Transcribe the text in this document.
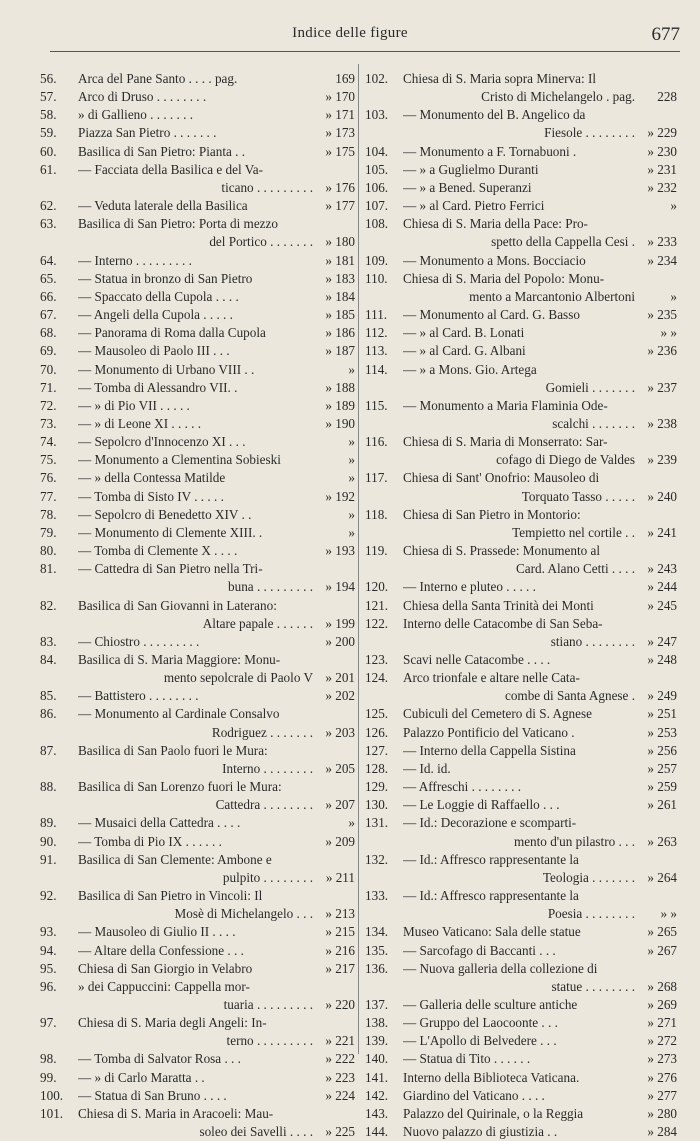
Indice delle figure	677
56.	Arca del Pane Santo . . . . pag.	169
57.	Arco di Druso . . . . . . . .	» 170
58.	» di Gallieno . . . . . . .	» 171
59.	Piazza San Pietro . . . . . . .	» 173
60.	Basilica di San Pietro: Pianta . .	» 175
61.	— Facciata della Basilica e del Va-
ticano . . . . . . . . . » 176
62.	— Veduta laterale della Basilica	» 177
63.	Basilica di San Pietro: Porta di mezzo
del Portico . . . . . . . » 180
64.	— Interno . . . . . . . . .	» 181
65.	— Statua in bronzo di San Pietro	» 183
66.	— Spaccato della Cupola . . . .	» 184
67.	— Angeli della Cupola . . . . .	» 185
68.	— Panorama di Roma dalla Cupola	» 186
69.	— Mausoleo di Paolo III . . .	» 187
70.	— Monumento di Urbano VIII . .	»
71.	— Tomba di Alessandro VII. .	» 188
72.	— » di Pio VII . . . . .	» 189
73.	— » di Leone XI . . . . .	» 190
74.	— Sepolcro d'Innocenzo XI . . .	»
75.	— Monumento a Clementina Sobieski	»
76.	— » della Contessa Matilde	»
77.	— Tomba di Sisto IV . . . . .	» 192
78.	— Sepolcro di Benedetto XIV . .	»
79.	— Monumento di Clemente XIII. .	»
80.	— Tomba di Clemente X . . . .	» 193
81.	— Cattedra di San Pietro nella Tri-
buna . . . . . . . . . » 194
82.	Basilica di San Giovanni in Laterano:
Altare papale . . . . . . » 199
83.	— Chiostro . . . . . . . . .	» 200
84.	Basilica di S. Maria Maggiore: Monu-
mento sepolcrale di Paolo V » 201
85.	— Battistero . . . . . . . .	» 202
86.	— Monumento al Cardinale Consalvo
Rodriguez . . . . . . . » 203
87.	Basilica di San Paolo fuori le Mura:
Interno . . . . . . . . » 205
88.	Basilica di San Lorenzo fuori le Mura:
Cattedra . . . . . . . . » 207
89.	— Musaici della Cattedra . . . .	»
90.	— Tomba di Pio IX . . . . . .	» 209
91.	Basilica di San Clemente: Ambone e
pulpito . . . . . . . . » 211
92.	Basilica di San Pietro in Vincoli: Il
Mosè di Michelangelo . . . » 213
93.	— Mausoleo di Giulio II . . . .	» 215
94.	— Altare della Confessione . . .	» 216
95.	Chiesa di San Giorgio in Velabro	» 217
96.	» dei Cappuccini: Cappella mor-
tuaria . . . . . . . . . » 220
97.	Chiesa di S. Maria degli Angeli: In-
terno . . . . . . . . . » 221
98.	— Tomba di Salvator Rosa . . .	» 222
99.	— » di Carlo Maratta . .	» 223
100.	— Statua di San Bruno . . . .	» 224
101.	Chiesa di S. Maria in Aracoeli: Mau-
soleo dei Savelli . . . . » 225
102.	Chiesa di S. Maria sopra Minerva: Il
Cristo di Michelangelo . pag.	228
103.	— Monumento del B. Angelico da
Fiesole . . . . . . . . » 229
104.	— Monumento a F. Tornabuoni .	» 230
105.	— » a Guglielmo Duranti	» 231
106.	— » a Bened. Superanzi	» 232
107.	— » al Card. Pietro Ferrici	»
108.	Chiesa di S. Maria della Pace: Pro-
spetto della Cappella Cesi . » 233
109.	— Monumento a Mons. Bocciacio	» 234
110.	Chiesa di S. Maria del Popolo: Monu-
mento a Marcantonio Albertoni	»
111.	— Monumento al Card. G. Basso	» 235
112.	— » al Card. B. Lonati	» »
113.	— » al Card. G. Albani	» 236
114.	— » a Mons. Gio. Artega
Gomieli . . . . . . . » 237
115.	— Monumento a Maria Flaminia Ode-
scalchi . . . . . . . » 238
116.	Chiesa di S. Maria di Monserrato: Sar-
cofago di Diego de Valdes » 239
117.	Chiesa di Sant' Onofrio: Mausoleo di
Torquato Tasso . . . . . » 240
118.	Chiesa di San Pietro in Montorio:
Tempietto nel cortile . . » 241
119.	Chiesa di S. Prassede: Monumento al
Card. Alano Cetti . . . . » 243
120.	— Interno e pluteo . . . . .	» 244
121.	Chiesa della Santa Trinità dei Monti	» 245
122.	Interno delle Catacombe di San Seba-
stiano . . . . . . . . » 247
123.	Scavi nelle Catacombe . . . .	» 248
124.	Arco trionfale e altare nelle Cata-
combe di Santa Agnese . » 249
125.	Cubiculi del Cemetero di S. Agnese	» 251
126.	Palazzo Pontificio del Vaticano .	» 253
127.	— Interno della Cappella Sistina	» 256
128.	— Id. id.	» 257
129.	— Affreschi . . . . . . . .	» 259
130.	— Le Loggie di Raffaello . . .	» 261
131.	— Id.: Decorazione e scomparti-
mento d'un pilastro . . . » 263
132.	— Id.: Affresco rappresentante la
Teologia . . . . . . . » 264
133.	— Id.: Affresco rappresentante la
Poesia . . . . . . . .	» »
134.	Museo Vaticano: Sala delle statue	» 265
135.	— Sarcofago di Baccanti . . .	» 267
136.	— Nuova galleria della collezione di
statue . . . . . . . . » 268
137.	— Galleria delle sculture antiche	» 269
138.	— Gruppo del Laocoonte . . .	» 271
139.	— L'Apollo di Belvedere . . .	» 272
140.	— Statua di Tito . . . . . .	» 273
141.	Interno della Biblioteca Vaticana.	» 276
142.	Giardino del Vaticano . . . .	» 277
143.	Palazzo del Quirinale, o la Reggia	» 280
144.	Nuovo palazzo di giustizia . .	» 284
